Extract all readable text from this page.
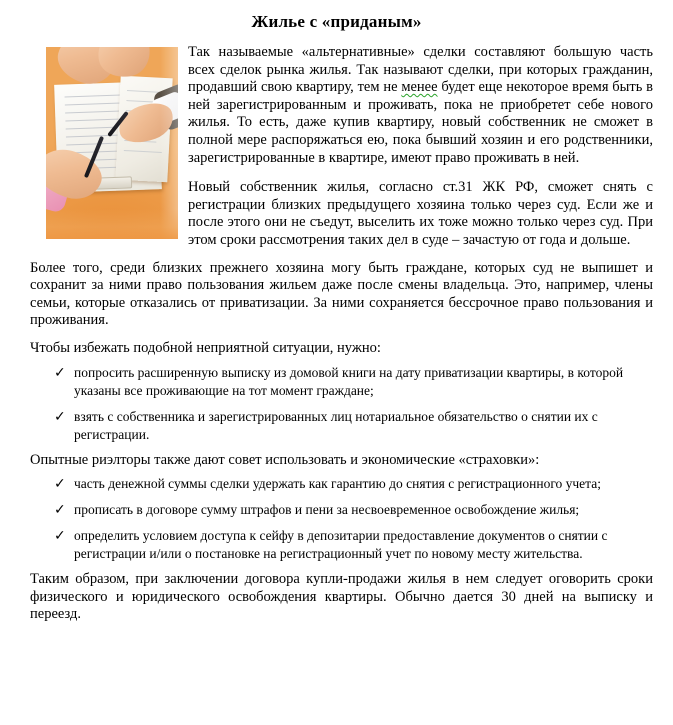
Жилье с «приданым»

Так называемые «альтернативные» сделки составляют большую часть всех сделок рынка жилья. Так называют сделки, при которых гражданин, продавший свою квартиру, тем не менее будет еще некоторое время быть в ней зарегистрированным и проживать, пока не приобретет себе нового жилья. То есть, даже купив квартиру, новый собственник не сможет в полной мере распоряжаться ею, пока бывший хозяин и его родственники, зарегистрированные в квартире, имеют право проживать в ней.

Новый собственник жилья, согласно ст.31 ЖК РФ, сможет снять с регистрации близких предыдущего хозяина только через суд. Если же и после этого они не съедут, выселить их тоже можно только через суд. При этом сроки рассмотрения таких дел в суде – зачастую от года и дольше.

Более того, среди близких прежнего хозяина могу быть граждане, которых суд не выпишет и сохранит за ними право пользования жильем даже после смены владельца. Это, например, члены семьи, которые отказались от приватизации. За ними сохраняется бессрочное право пользования и проживания.

Чтобы избежать подобной неприятной ситуации, нужно:

✓ попросить расширенную выписку из домовой книги на дату приватизации квартиры, в которой указаны все проживающие на тот момент граждане;
✓ взять с собственника и зарегистрированных лиц нотариальное обязательство о снятии их с регистрации.

Опытные риэлторы также дают совет использовать и экономические «страховки»:

✓ часть денежной суммы сделки удержать как гарантию до снятия с регистрационного учета;
✓ прописать в договоре сумму штрафов и пени за несвоевременное освобождение жилья;
✓ определить условием доступа к сейфу в депозитарии предоставление документов о снятии с регистрации и/или о постановке на регистрационный учет по новому месту жительства.

Таким образом, при заключении договора купли-продажи жилья в нем следует оговорить сроки физического и юридического освобождения квартиры. Обычно дается 30 дней на выписку и переезд.
